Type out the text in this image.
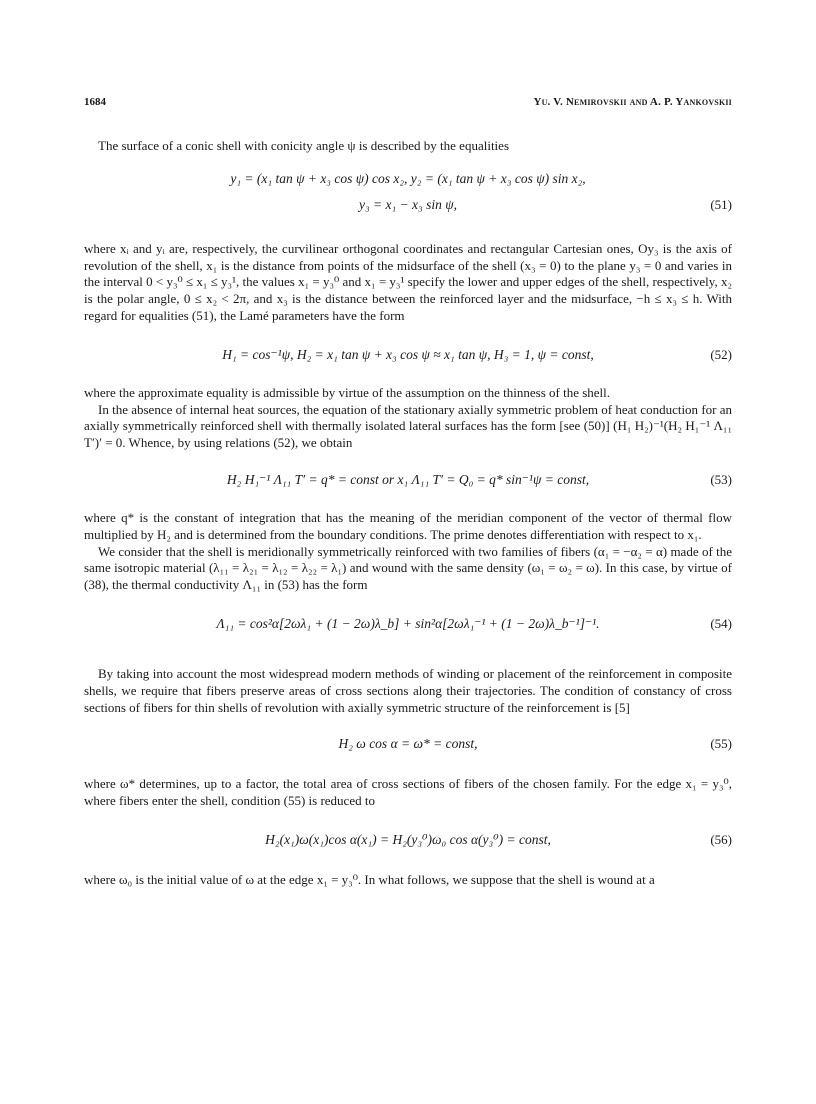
1684	Yu. V. Nemirovskii and A. P. Yankovskii

The surface of a conic shell with conicity angle ψ is described by the equalities

y₁ = (x₁ tan ψ + x₃ cos ψ) cos x₂, y₂ = (x₁ tan ψ + x₃ cos ψ) sin x₂,
y₃ = x₁ − x₃ sin ψ,	(51)

where xᵢ and yᵢ are, respectively, the curvilinear orthogonal coordinates and rectangular Cartesian ones, Oy₃ is the axis of revolution of the shell, x₁ is the distance from points of the midsurface of the shell (x₃ = 0) to the plane y₃ = 0 and varies in the interval 0 < y₃⁰ ≤ x₁ ≤ y₃¹, the values x₁ = y₃⁰ and x₁ = y₃¹ specify the lower and upper edges of the shell, respectively, x₂ is the polar angle, 0 ≤ x₂ < 2π, and x₃ is the distance between the reinforced layer and the midsurface, −h ≤ x₃ ≤ h. With regard for equalities (51), the Lamé parameters have the form

H₁ = cos⁻¹ψ, H₂ = x₁ tan ψ + x₃ cos ψ ≈ x₁ tan ψ, H₃ = 1, ψ = const,	(52)

where the approximate equality is admissible by virtue of the assumption on the thinness of the shell.

In the absence of internal heat sources, the equation of the stationary axially symmetric problem of heat conduction for an axially symmetrically reinforced shell with thermally isolated lateral surfaces has the form [see (50)] (H₁ H₂)⁻¹(H₂ H₁⁻¹ Λ₁₁ T′)′ = 0. Whence, by using relations (52), we obtain

H₂ H₁⁻¹ Λ₁₁ T′ = q* = const or x₁ Λ₁₁ T′ = Q₀ = q* sin⁻¹ψ = const,	(53)

where q* is the constant of integration that has the meaning of the meridian component of the vector of thermal flow multiplied by H₂ and is determined from the boundary conditions. The prime denotes differentiation with respect to x₁.

We consider that the shell is meridionally symmetrically reinforced with two families of fibers (α₁ = −α₂ = α) made of the same isotropic material (λ₁₁ = λ₂₁ = λ₁₂ = λ₂₂ = λ₁) and wound with the same density (ω₁ = ω₂ = ω). In this case, by virtue of (38), the thermal conductivity Λ₁₁ in (53) has the form

Λ₁₁ = cos²α[2ωλ₁ + (1 − 2ω)λ_b] + sin²α[2ωλ₁⁻¹ + (1 − 2ω)λ_b⁻¹]⁻¹.	(54)

By taking into account the most widespread modern methods of winding or placement of the reinforcement in composite shells, we require that fibers preserve areas of cross sections along their trajectories. The condition of constancy of cross sections of fibers for thin shells of revolution with axially symmetric structure of the reinforcement is [5]

H₂ ω cos α = ω* = const,	(55)

where ω* determines, up to a factor, the total area of cross sections of fibers of the chosen family. For the edge x₁ = y₃⁰, where fibers enter the shell, condition (55) is reduced to

H₂(x₁)ω(x₁)cos α(x₁) = H₂(y₃⁰)ω₀ cos α(y₃⁰) = const,	(56)

where ω₀ is the initial value of ω at the edge x₁ = y₃⁰. In what follows, we suppose that the shell is wound at a
